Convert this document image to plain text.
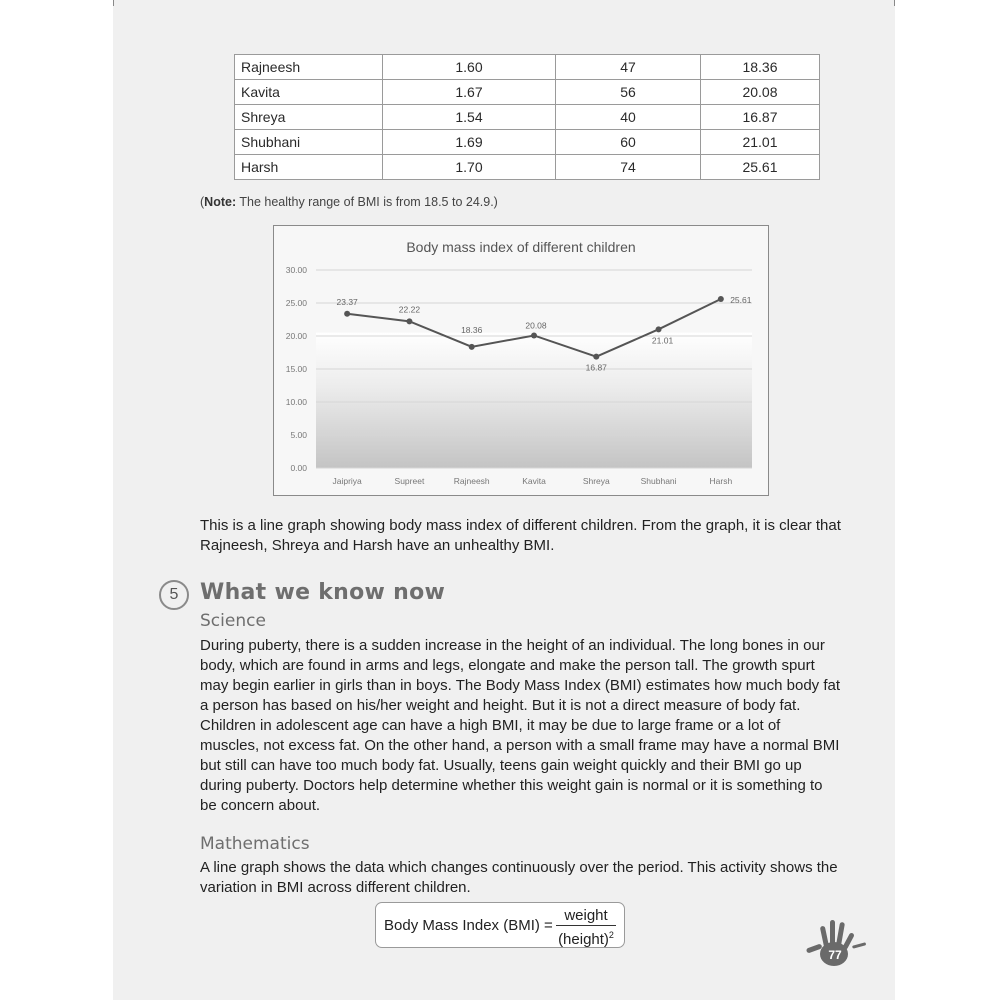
Rajneesh	1.60	47	18.36
Kavita	1.67	56	20.08
Shreya	1.54	40	16.87
Shubhani	1.69	60	21.01
Harsh	1.70	74	25.61
(Note: The healthy range of BMI is from 18.5 to 24.9.)
Body mass index of different children
0.00
5.00
10.00
15.00
20.00
25.00
30.00
Jaipriya	Supreet	Rajneesh	Kavita	Shreya	Shubhani	Harsh
23.37
22.22
18.36	20.08
16.87
21.01
25.61

This is a line graph showing body mass index of different children. From the graph, it is clear that Rajneesh, Shreya and Harsh have an unhealthy BMI.

5 What we know now
Science

During puberty, there is a sudden increase in the height of an individual. The long bones in our body, which are found in arms and legs, elongate and make the person tall. The growth spurt may begin earlier in girls than in boys. The Body Mass Index (BMI) estimates how much body fat a person has based on his/her weight and height. But it is not a direct measure of body fat. Children in adolescent age can have a high BMI, it may be due to large frame or a lot of muscles, not excess fat. On the other hand, a person with a small frame may have a normal BMI but still can have too much body fat. Usually, teens gain weight quickly and their BMI go up during puberty. Doctors help determine whether this weight gain is normal or it is something to be concern about.

Mathematics

A line graph shows the data which changes continuously over the period. This activity shows the variation in BMI across different children.

Body Mass Index (BMI) =
weight
(height)$^2$
77
